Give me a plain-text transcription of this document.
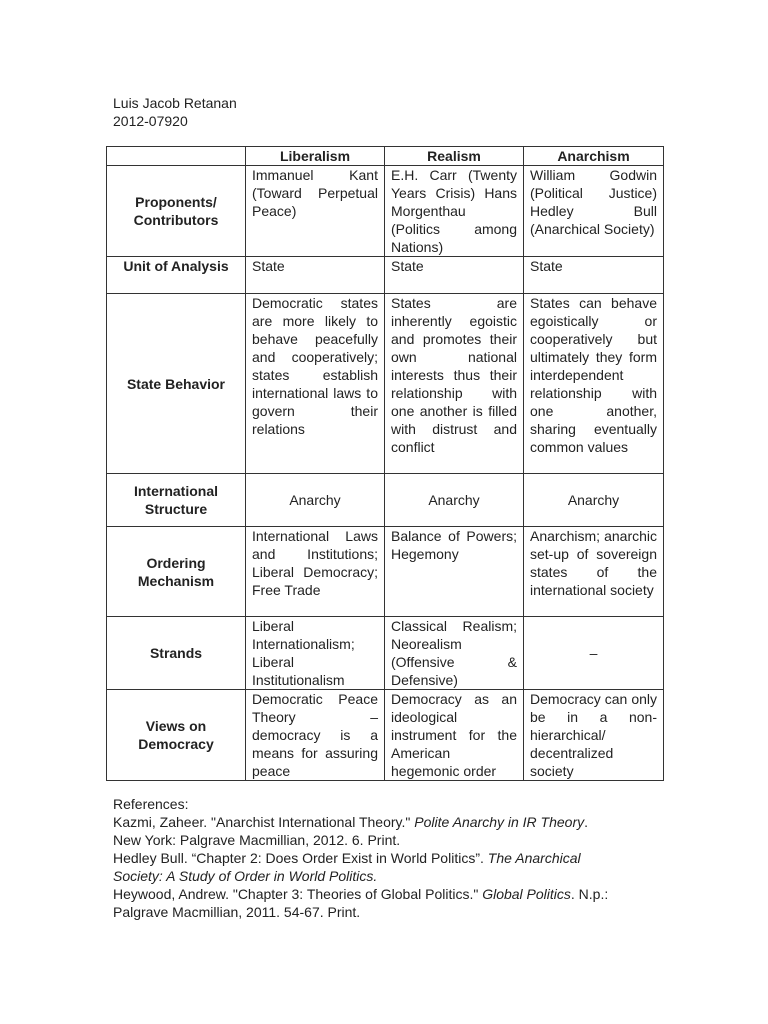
Luis Jacob Retanan
2012-07920
	Liberalism	Realism	Anarchism
Proponents/ Contributors	Immanuel Kant (Toward Perpetual Peace)	E.H. Carr (Twenty Years Crisis) Hans Morgenthau (Politics among Nations)	William Godwin (Political Justice) Hedley Bull (Anarchical Society)
Unit of Analysis	State	State	State
State Behavior	Democratic states are more likely to behave peacefully and cooperatively; states establish international laws to govern their relations	States are inherently egoistic and promotes their own national interests thus their relationship with one another is filled with distrust and conflict	States can behave egoistically or cooperatively but ultimately they form interdependent relationship with one another, sharing eventually common values
International Structure	Anarchy	Anarchy	Anarchy
Ordering Mechanism	International Laws and Institutions; Liberal Democracy; Free Trade	Balance of Powers; Hegemony	Anarchism; anarchic set-up of sovereign states of the international society
Strands	Liberal Internationalism; Liberal Institutionalism	Classical Realism; Neorealism (Offensive & Defensive)	–
Views on Democracy	Democratic Peace Theory – democracy is a means for assuring peace	Democracy as an ideological instrument for the American hegemonic order	Democracy can only be in a non-hierarchical/ decentralized society
References:
Kazmi, Zaheer. "Anarchist International Theory." Polite Anarchy in IR Theory.
New York: Palgrave Macmillian, 2012. 6. Print.
Hedley Bull. “Chapter 2: Does Order Exist in World Politics”. The Anarchical
Society: A Study of Order in World Politics.
Heywood, Andrew. "Chapter 3: Theories of Global Politics." Global Politics. N.p.:
Palgrave Macmillian, 2011. 54-67. Print.
